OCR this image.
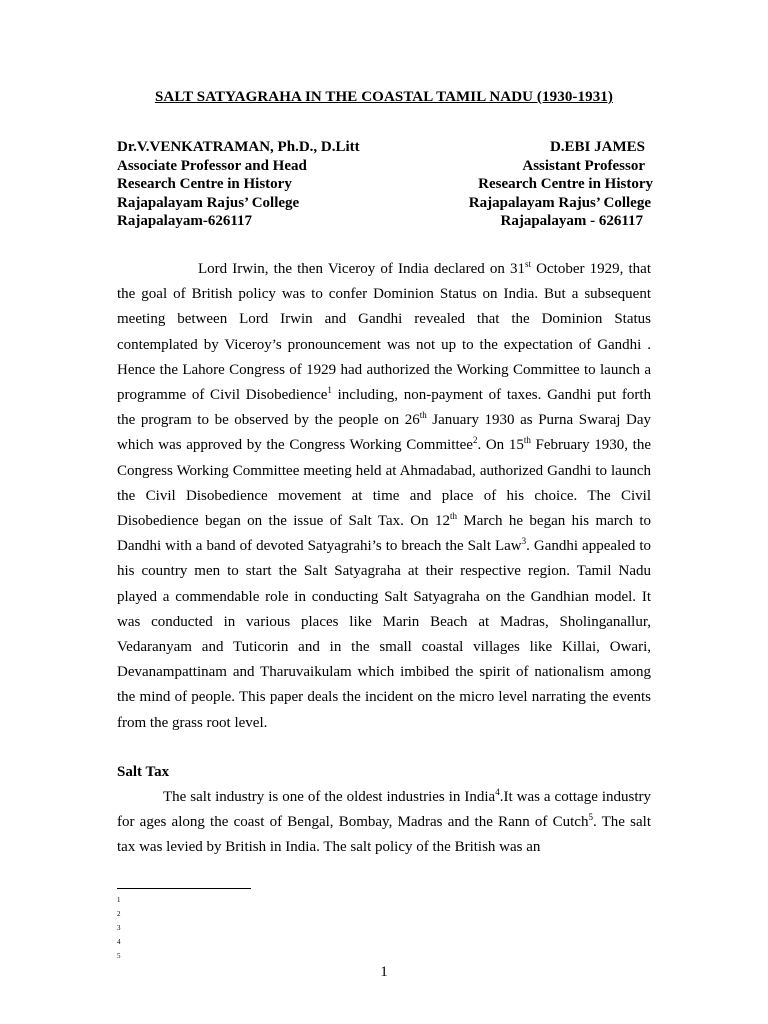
SALT SATYAGRAHA IN THE COASTAL TAMIL NADU (1930-1931)
Dr.V.VENKATRAMAN, Ph.D., D.Litt	D.EBI JAMES
Associate Professor and Head	Assistant Professor
Research Centre in History	Research Centre in History
Rajapalayam Rajus’ College	Rajapalayam Rajus’ College
Rajapalayam-626117	Rajapalayam - 626117

Lord Irwin, the then Viceroy of India declared on 31st October 1929, that the goal of British policy was to confer Dominion Status on India. But a subsequent meeting between Lord Irwin and Gandhi revealed that the Dominion Status contemplated by Viceroy’s pronouncement was not up to the expectation of Gandhi . Hence the Lahore Congress of 1929 had authorized the Working Committee to launch a programme of Civil Disobedience$^1$ including, non-payment of taxes. Gandhi put forth the program to be observed by the people on 26th January 1930 as Purna Swaraj Day which was approved by the Congress Working Committee$^2$. On 15th February 1930, the Congress Working Committee meeting held at Ahmadabad, authorized Gandhi to launch the Civil Disobedience movement at time and place of his choice. The Civil Disobedience began on the issue of Salt Tax. On 12th March he began his march to Dandhi with a band of devoted Satyagrahi’s to breach the Salt Law$^3$. Gandhi appealed to his country men to start the Salt Satyagraha at their respective region. Tamil Nadu played a commendable role in conducting Salt Satyagraha on the Gandhian model. It was conducted in various places like Marin Beach at Madras, Sholinganallur, Vedaranyam and Tuticorin and in the small coastal villages like Killai, Owari, Devanampattinam and Tharuvaikulam which imbibed the spirit of nationalism among the mind of people. This paper deals the incident on the micro level narrating the events from the grass root level.

Salt Tax

The salt industry is one of the oldest industries in India$^4$.It was a cottage industry for ages along the coast of Bengal, Bombay, Madras and the Rann of Cutch$^5$. The salt tax was levied by British in India. The salt policy of the British was an

1
2
3
4
5
1
